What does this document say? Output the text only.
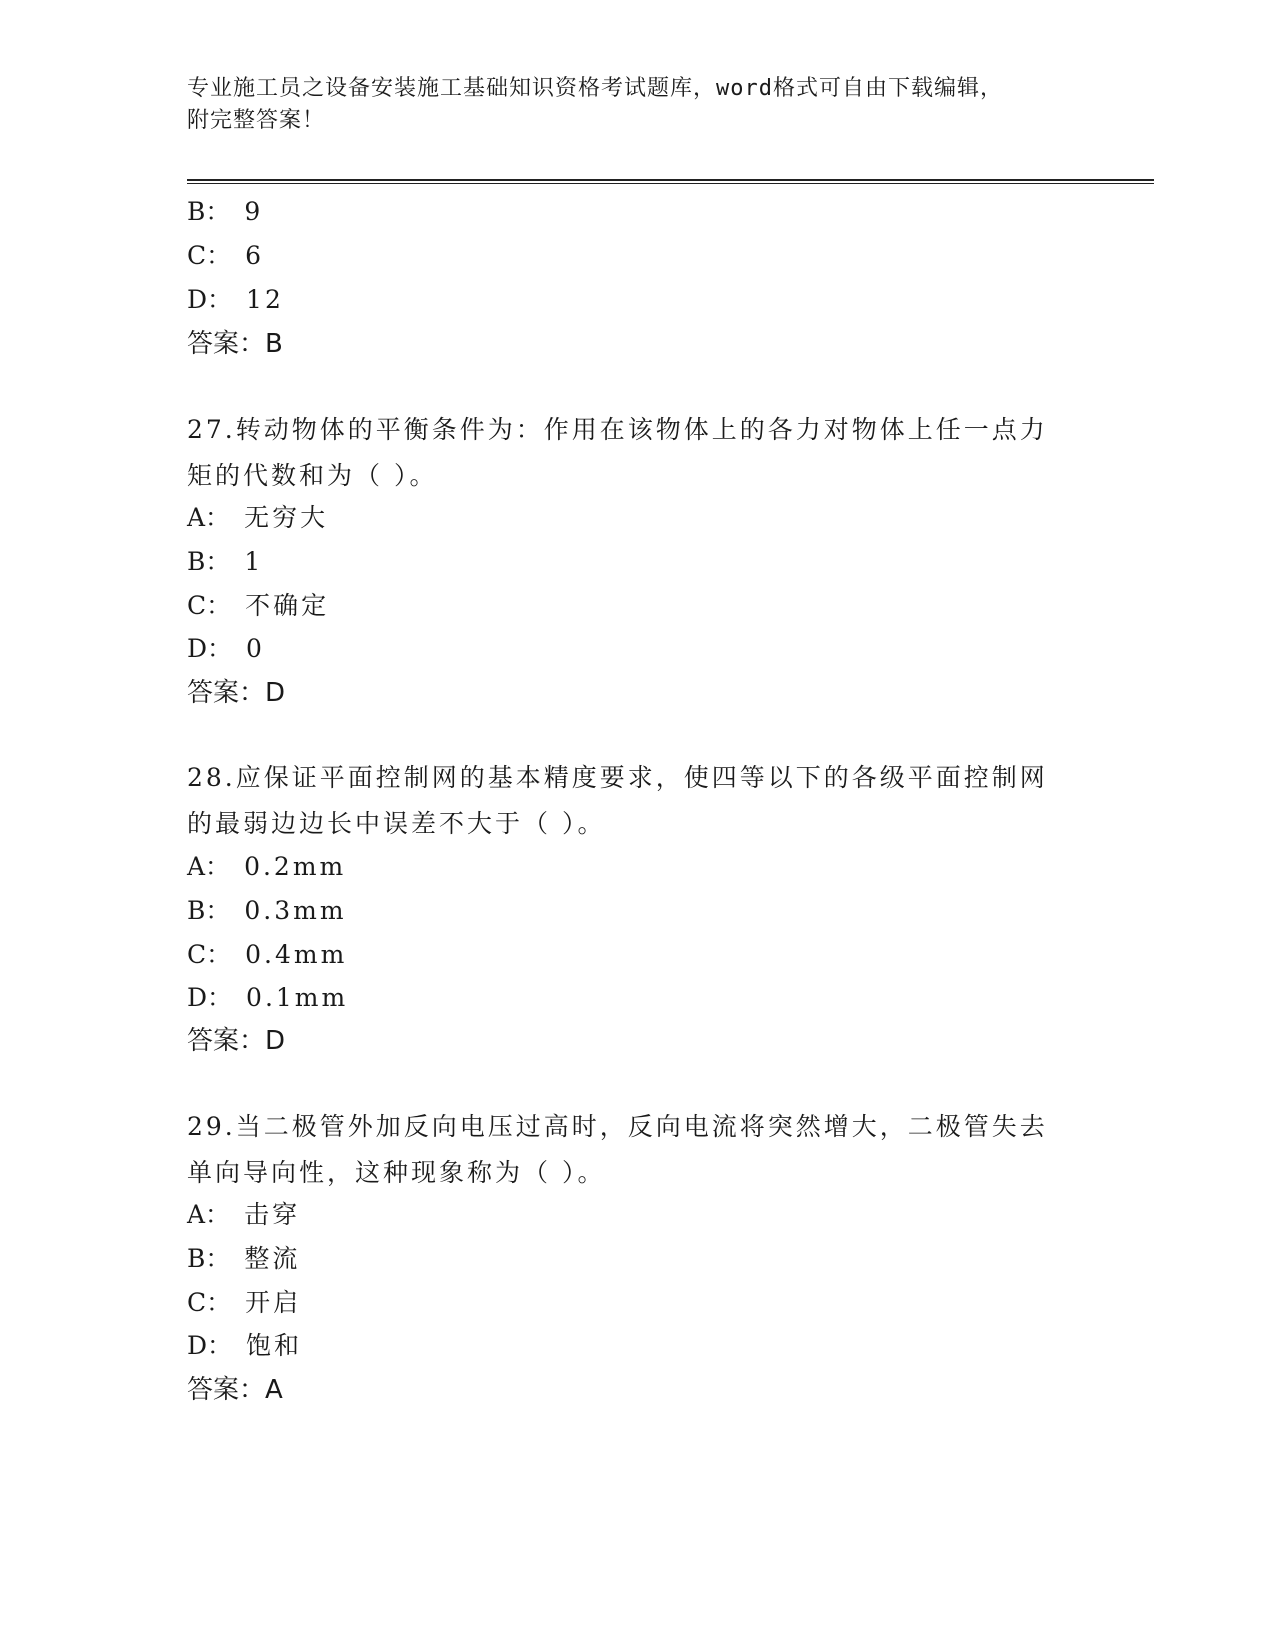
专业施工员之设备安装施工基础知识资格考试题库，word格式可自由下载编辑，
附完整答案！
B： 9
C： 6
D： 12
答案：B
27.转动物体的平衡条件为：作用在该物体上的各力对物体上任一点力
矩的代数和为（ ）。
A： 无穷大
B： 1
C： 不确定
D： 0
答案：D
28.应保证平面控制网的基本精度要求，使四等以下的各级平面控制网
的最弱边边长中误差不大于（ ）。
A： 0.2mm
B： 0.3mm
C： 0.4mm
D： 0.1mm
答案：D
29.当二极管外加反向电压过高时，反向电流将突然增大，二极管失去
单向导向性，这种现象称为（ ）。
A： 击穿
B： 整流
C： 开启
D： 饱和
答案：A
